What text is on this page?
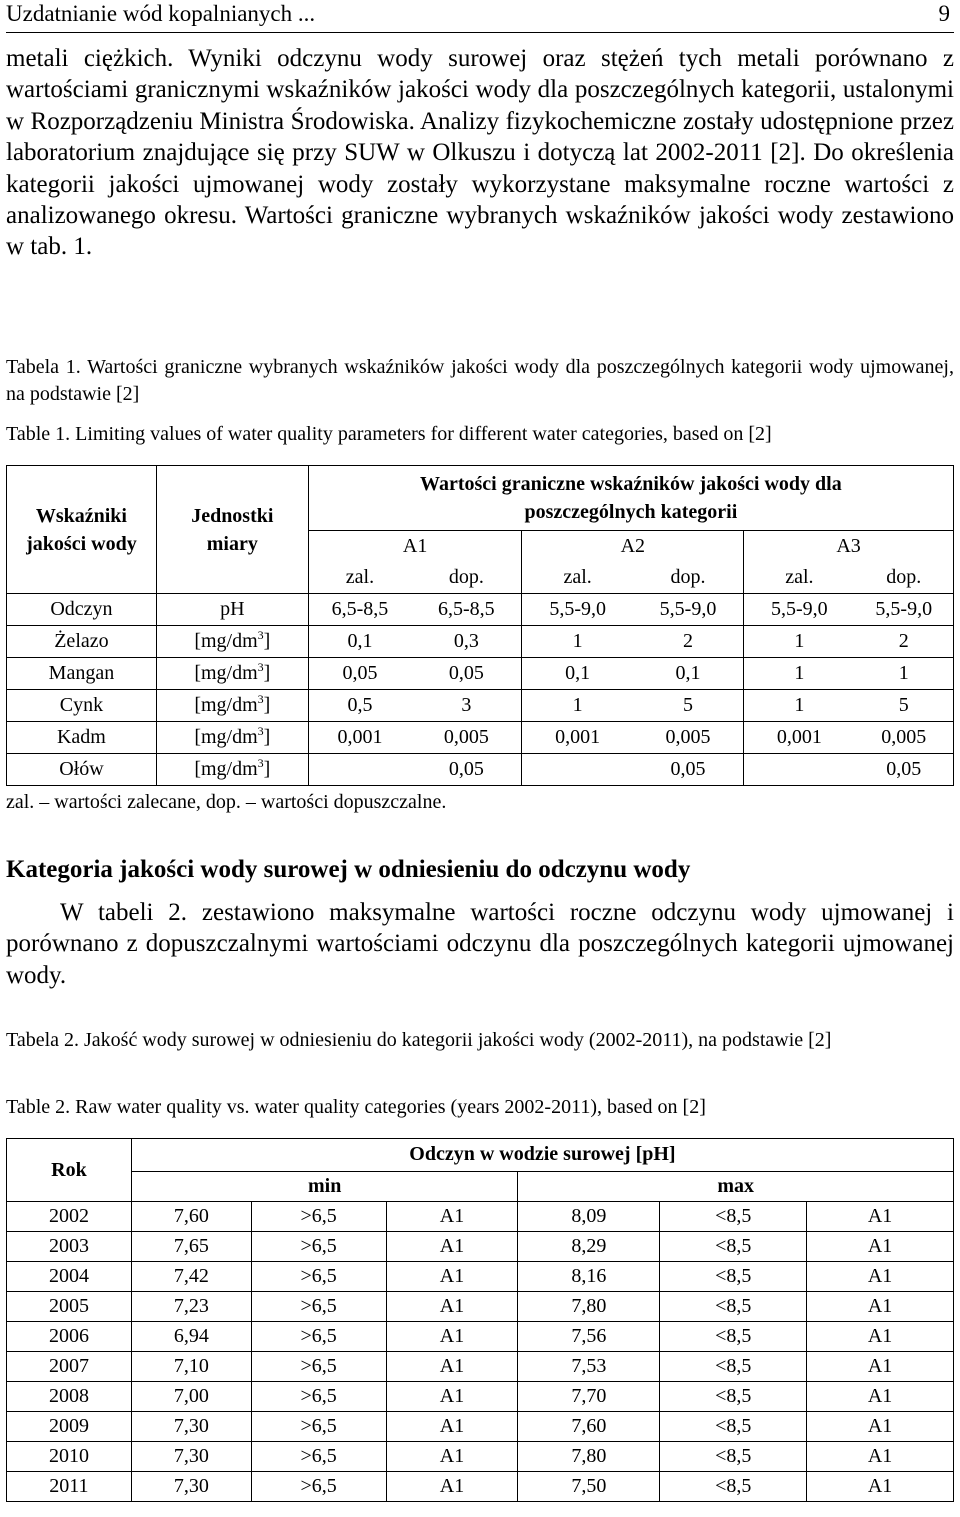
Uzdatnianie wód kopalnianych ...	9

metali ciężkich. Wyniki odczynu wody surowej oraz stężeń tych metali porównano z wartościami granicznymi wskaźników jakości wody dla poszczególnych kategorii, ustalonymi w Rozporządzeniu Ministra Środowiska. Analizy fizykochemiczne zostały udostępnione przez laboratorium znajdujące się przy SUW w Olkuszu i dotyczą lat 2002-2011 [2]. Do określenia kategorii jakości ujmowanej wody zostały wykorzystane maksymalne roczne wartości z analizowanego okresu. Wartości graniczne wybranych wskaźników jakości wody zestawiono w tab. 1.

Tabela 1. Wartości graniczne wybranych wskaźników jakości wody dla poszczególnych kategorii wody ujmowanej, na podstawie [2]

Table 1. Limiting values of water quality parameters for different water categories, based on [2]

Wskaźniki jakości wody	Jednostki miary	Wartości graniczne wskaźników jakości wody dla poszczególnych kategorii					
		A1		A2		A3	
		zal.	dop.	zal.	dop.	zal.	dop.
Odczyn	pH	6,5-8,5	6,5-8,5	5,5-9,0	5,5-9,0	5,5-9,0	5,5-9,0
Żelazo	$[mg/dm^3]$	0,1	0,3	1	2	1	2
Mangan	$[mg/dm^3]$	0,05	0,05	0,1	0,1	1	1
Cynk	$[mg/dm^3]$	0,5	3	1	5	1	5
Kadm	$[mg/dm^3]$	0,001	0,005	0,001	0,005	0,001	0,005
Ołów	$[mg/dm^3]$		0,05		0,05		0,05
zal. – wartości zalecane, dop. – wartości dopuszczalne.
Kategoria jakości wody surowej w odniesieniu do odczynu wody

W tabeli 2. zestawiono maksymalne wartości roczne odczynu wody ujmowanej i porównano z dopuszczalnymi wartościami odczynu dla poszczególnych kategorii ujmowanej wody.

Tabela 2. Jakość wody surowej w odniesieniu do kategorii jakości wody (2002-2011), na podstawie [2]

Table 2. Raw water quality vs. water quality categories (years 2002-2011), based on [2]

Rok	Odczyn w wodzie surowej [pH]					
	min			max		
2002	7,60	>6,5	A1	8,09	<8,5	A1
2003	7,65	>6,5	A1	8,29	<8,5	A1
2004	7,42	>6,5	A1	8,16	<8,5	A1
2005	7,23	>6,5	A1	7,80	<8,5	A1
2006	6,94	>6,5	A1	7,56	<8,5	A1
2007	7,10	>6,5	A1	7,53	<8,5	A1
2008	7,00	>6,5	A1	7,70	<8,5	A1
2009	7,30	>6,5	A1	7,60	<8,5	A1
2010	7,30	>6,5	A1	7,80	<8,5	A1
2011	7,30	>6,5	A1	7,50	<8,5	A1
